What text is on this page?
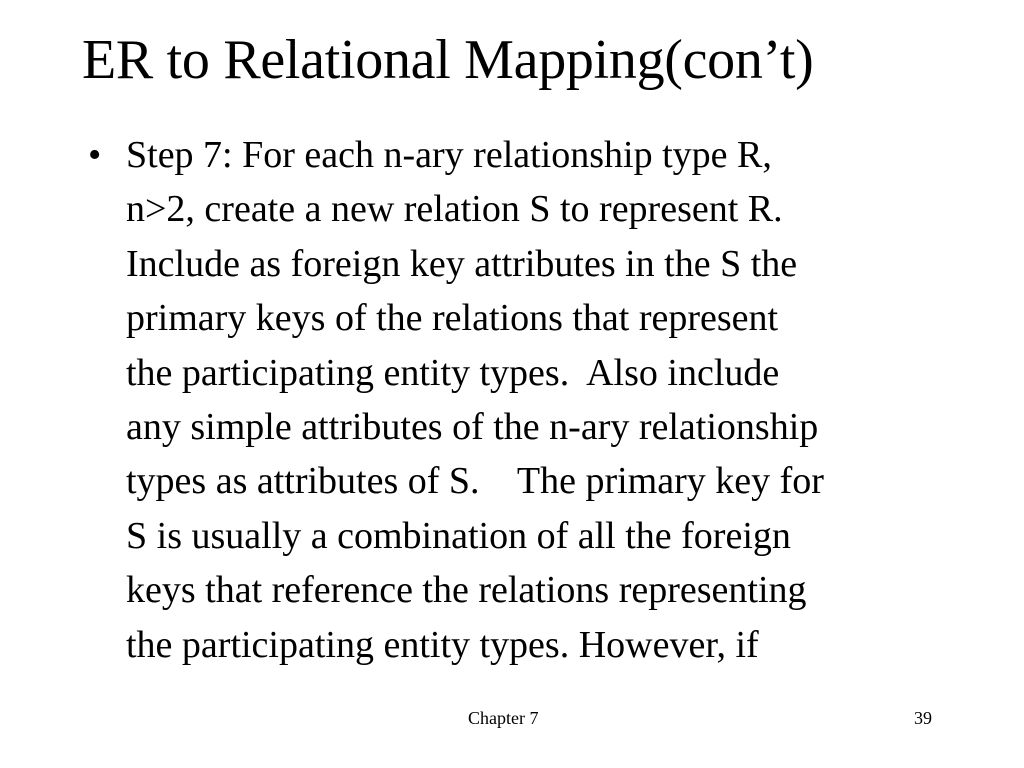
ER to Relational Mapping(con’t)
• Step 7: For each n-ary relationship type R,
n>2, create a new relation S to represent R.
Include as foreign key attributes in the S the
primary keys of the relations that represent
the participating entity types.  Also include
any simple attributes of the n-ary relationship
types as attributes of S.    The primary key for
S is usually a combination of all the foreign
keys that reference the relations representing
the participating entity types. However, if
Chapter 7	39
